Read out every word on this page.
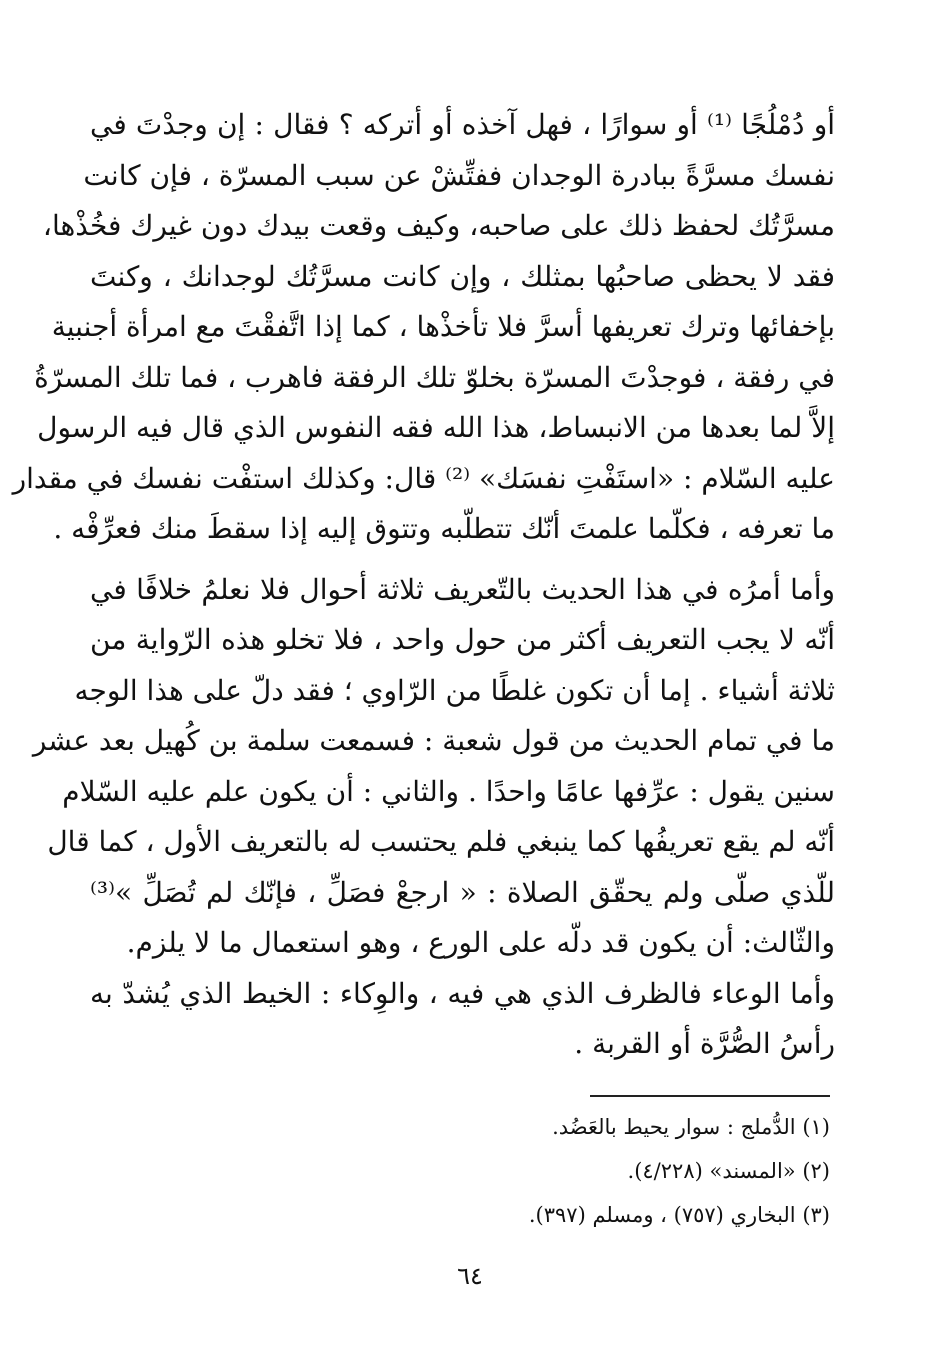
أو دُمْلُجًا ⁽¹⁾ أو سوارًا ، فهل آخذه أو أتركه ؟ فقال : إن وجدْتَ في
نفسك مسرَّةً ببادرة الوجدان ففتِّشْ عن سبب المسرّة ، فإن كانت
مسرَّتُك لحفظ ذلك على صاحبه، وكيف وقعت بيدك دون غيرك فخُذْها،
فقد لا يحظى صاحبُها بمثلك ، وإن كانت مسرَّتُك لوجدانك ، وكنتَ
بإخفائها وترك تعريفها أسرَّ فلا تأخذْها ، كما إذا اتَّفقْتَ مع امرأة أجنبية
في رفقة ، فوجدْتَ المسرّة بخلوّ تلك الرفقة فاهرب ، فما تلك المسرّةُ
إلاَّ لما بعدها من الانبساط، هذا الله فقه النفوس الذي قال فيه الرسول
عليه السّلام : «استَفْتِ نفسَك» ⁽²⁾ قال: وكذلك استفْت نفسك في مقدار
ما تعرفه ، فكلّما علمتَ أنّك تتطلّبه وتتوق إليه إذا سقطَ منك فعرِّفْه .
وأما أمرُه في هذا الحديث بالتّعريف ثلاثة أحوال فلا نعلمُ خلافًا في
أنّه لا يجب التعريف أكثر من حول واحد ، فلا تخلو هذه الرّواية من
ثلاثة أشياء . إما أن تكون غلطًا من الرّاوي ؛ فقد دلّ على هذا الوجه
ما في تمام الحديث من قول شعبة : فسمعت سلمة بن كُهيل بعد عشر
سنين يقول : عرِّفها عامًا واحدًا . والثاني : أن يكون علم عليه السّلام
أنّه لم يقع تعريفُها كما ينبغي فلم يحتسب له بالتعريف الأول ، كما قال
للّذي صلّى ولم يحقّق الصلاة : « ارجعْ فصَلِّ ، فإنّك لم تُصَلِّ »⁽³⁾
والثّالث: أن يكون قد دلّه على الورع ، وهو استعمال ما لا يلزم.
وأما الوعاء فالظرف الذي هي فيه ، والوِكاء : الخيط الذي يُشدّ به
رأسُ الصُّرَّة أو القربة .
(١) الدُّملج : سوار يحيط بالعَضُد.
(٢) «المسند» (٤/٢٢٨).
(٣) البخاري (٧٥٧) ، ومسلم (٣٩٧).
٦٤
